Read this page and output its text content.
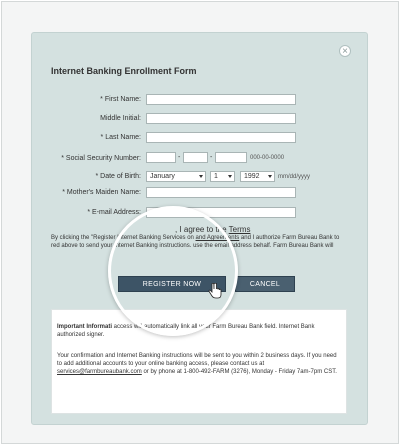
×
Internet Banking Enrollment Form
* First Name:
Middle Initial:
* Last Name:
* Social Security Number:	-	-	000-00-0000
* Date of Birth:	January	1	1992	mm/dd/yyyy
* Mother's Maiden Name:
* E-mail Address:
, I agree to the Terms
By clicking the "Register Internet Banking Services on and Agreements and I authorize Farm Bureau Bank to red above to send your Internet Banking instructions. use the email address behalf. Farm Bureau Bank will
REGISTER NOW	CANCEL

Important Informati access will automatically link all your Farm Bureau Bank field. Internet Bank authorized signer.

Your confirmation and Internet Banking instructions will be sent to you within 2 business days. If you need to add additional accounts to your online banking access, please contact us at services@farmbureaubank.com or by phone at 1-800-492-FARM (3276), Monday - Friday 7am-7pm CST.
